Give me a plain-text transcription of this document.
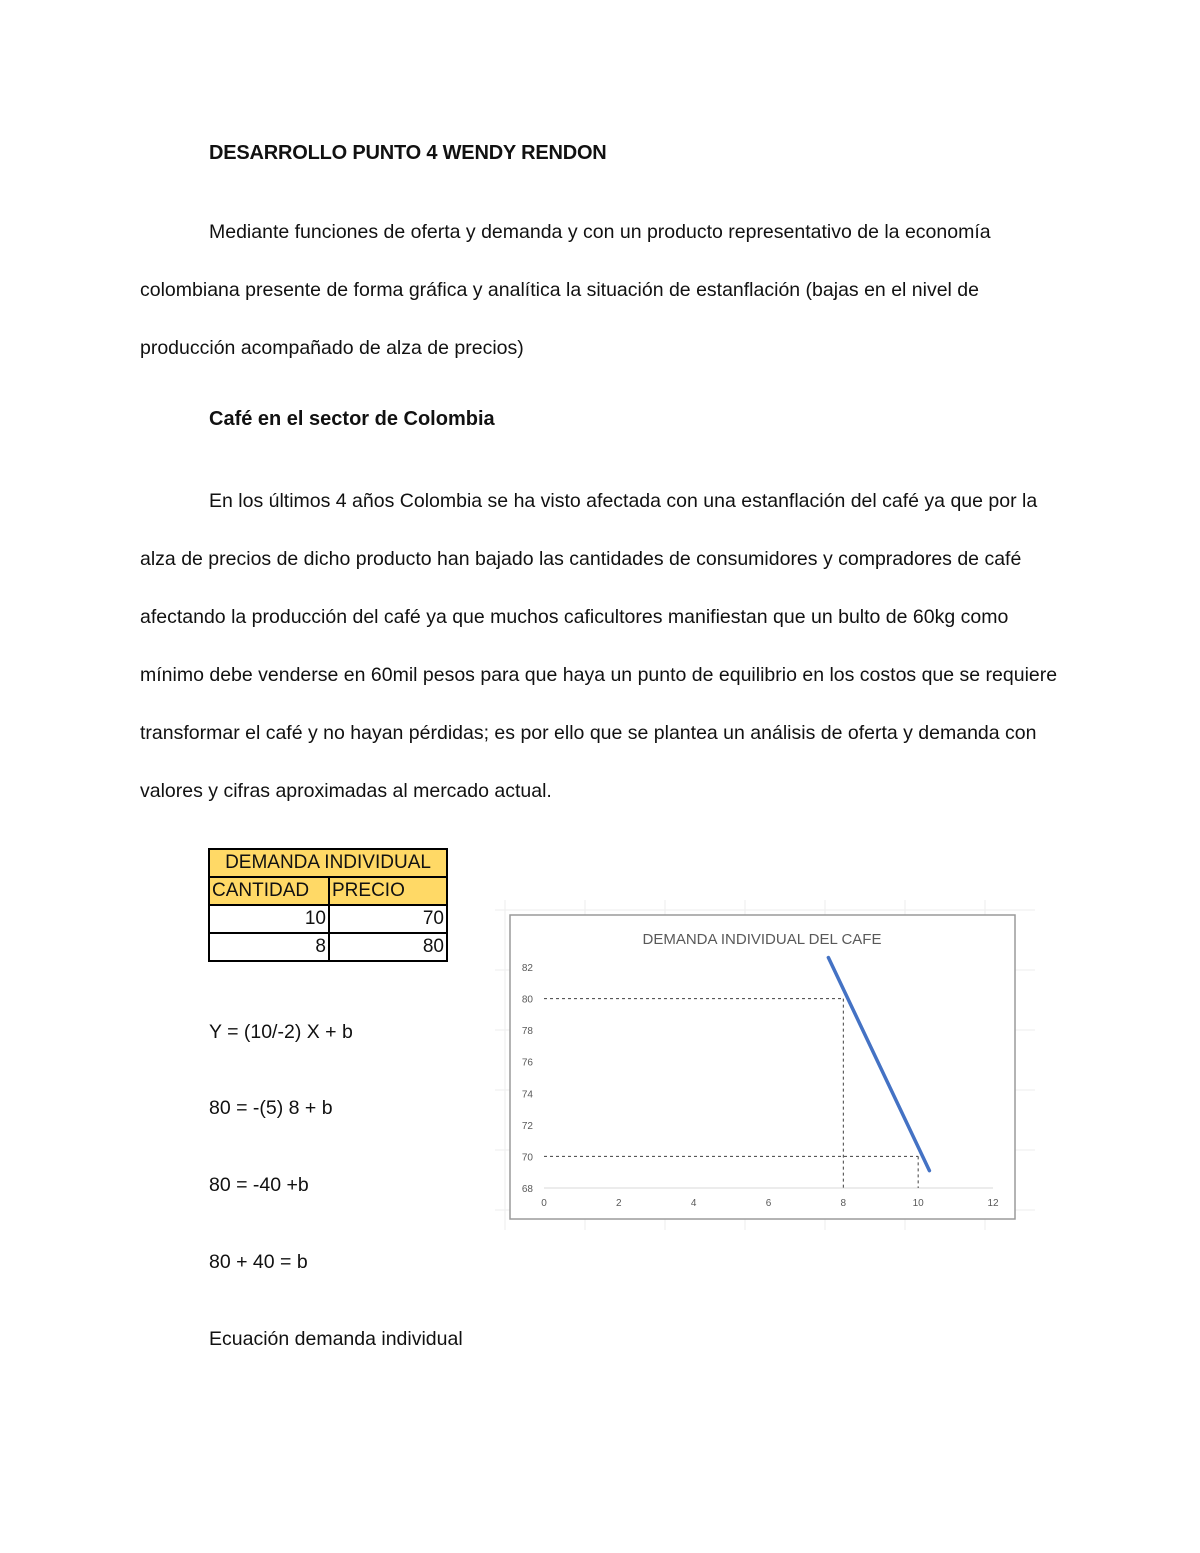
DESARROLLO PUNTO 4 WENDY RENDON

Mediante funciones de oferta y demanda y con un producto representativo de la economía colombiana presente de forma gráfica y analítica la situación de estanflación (bajas en el nivel de producción acompañado de alza de precios)

Café en el sector de Colombia

En los últimos 4 años Colombia se ha visto afectada con una estanflación del café ya que por la alza de precios de dicho producto han bajado las cantidades de consumidores y compradores de café afectando la producción del café ya que muchos caficultores manifiestan que un bulto de 60kg como mínimo debe venderse en 60mil pesos para que haya un punto de equilibrio en los costos que se requiere transformar el café y no hayan pérdidas; es por ello que se plantea un análisis de oferta y demanda con valores y cifras aproximadas al mercado actual.

DEMANDA INDIVIDUAL	
CANTIDAD	PRECIO
10	70
8	80
Y = (10/-2) X + b
80 = -(5) 8 + b
80 = -40 +b
80 + 40 = b
Ecuación demanda individual
DEMANDA INDIVIDUAL DEL CAFE
68
70
72
74
76
78
80
82
0	2	4	6	8	10	12
